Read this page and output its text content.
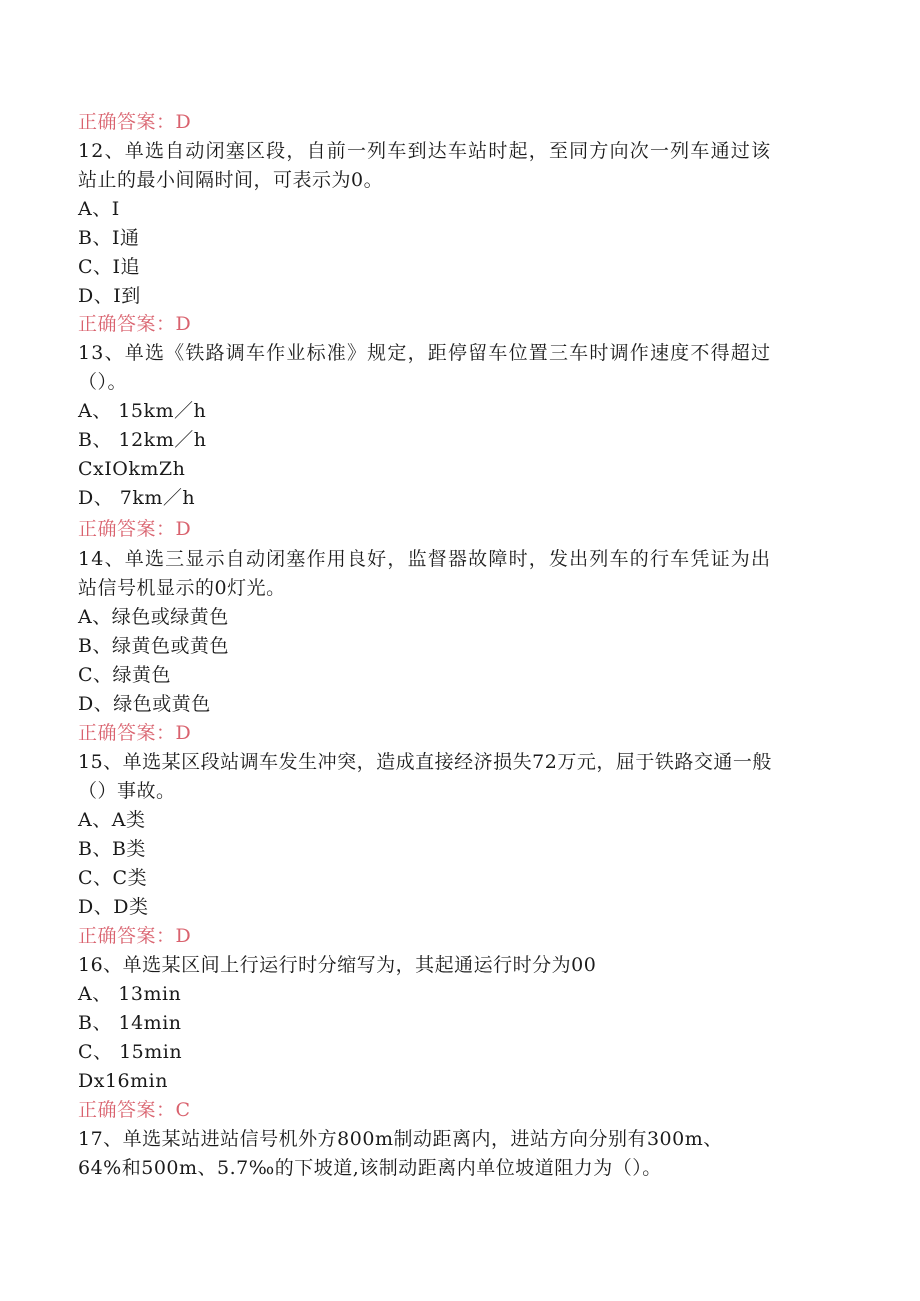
正确答案：D
12、单选自动闭塞区段，自前一列车到达车站时起，至同方向次一列车通过该
站止的最小间隔时间，可表示为0。
A、I
B、I通
C、I追
D、I到
正确答案：D
13、单选《铁路调车作业标准》规定，距停留车位置三车时调作速度不得超过
（）。
A、 15km／h
B、 12km／h
CxIOkmZh
D、 7km／h
正确答案：D
14、单选三显示自动闭塞作用良好，监督器故障时，发出列车的行车凭证为出
站信号机显示的0灯光。
A、绿色或绿黄色
B、绿黄色或黄色
C、绿黄色
D、绿色或黄色
正确答案：D
15、单选某区段站调车发生冲突，造成直接经济损失72万元，屈于铁路交通一般
（）事故。
A、A类
B、B类
C、C类
D、D类
正确答案：D
16、单选某区间上行运行时分缩写为，其起通运行时分为00
A、 13min
B、 14min
C、 15min
Dx16min
正确答案：C
17、单选某站进站信号机外方800m制动距离内，进站方向分别有300m、
64%和500m、5.7‰的下坡道,该制动距离内单位坡道阻力为（）。
